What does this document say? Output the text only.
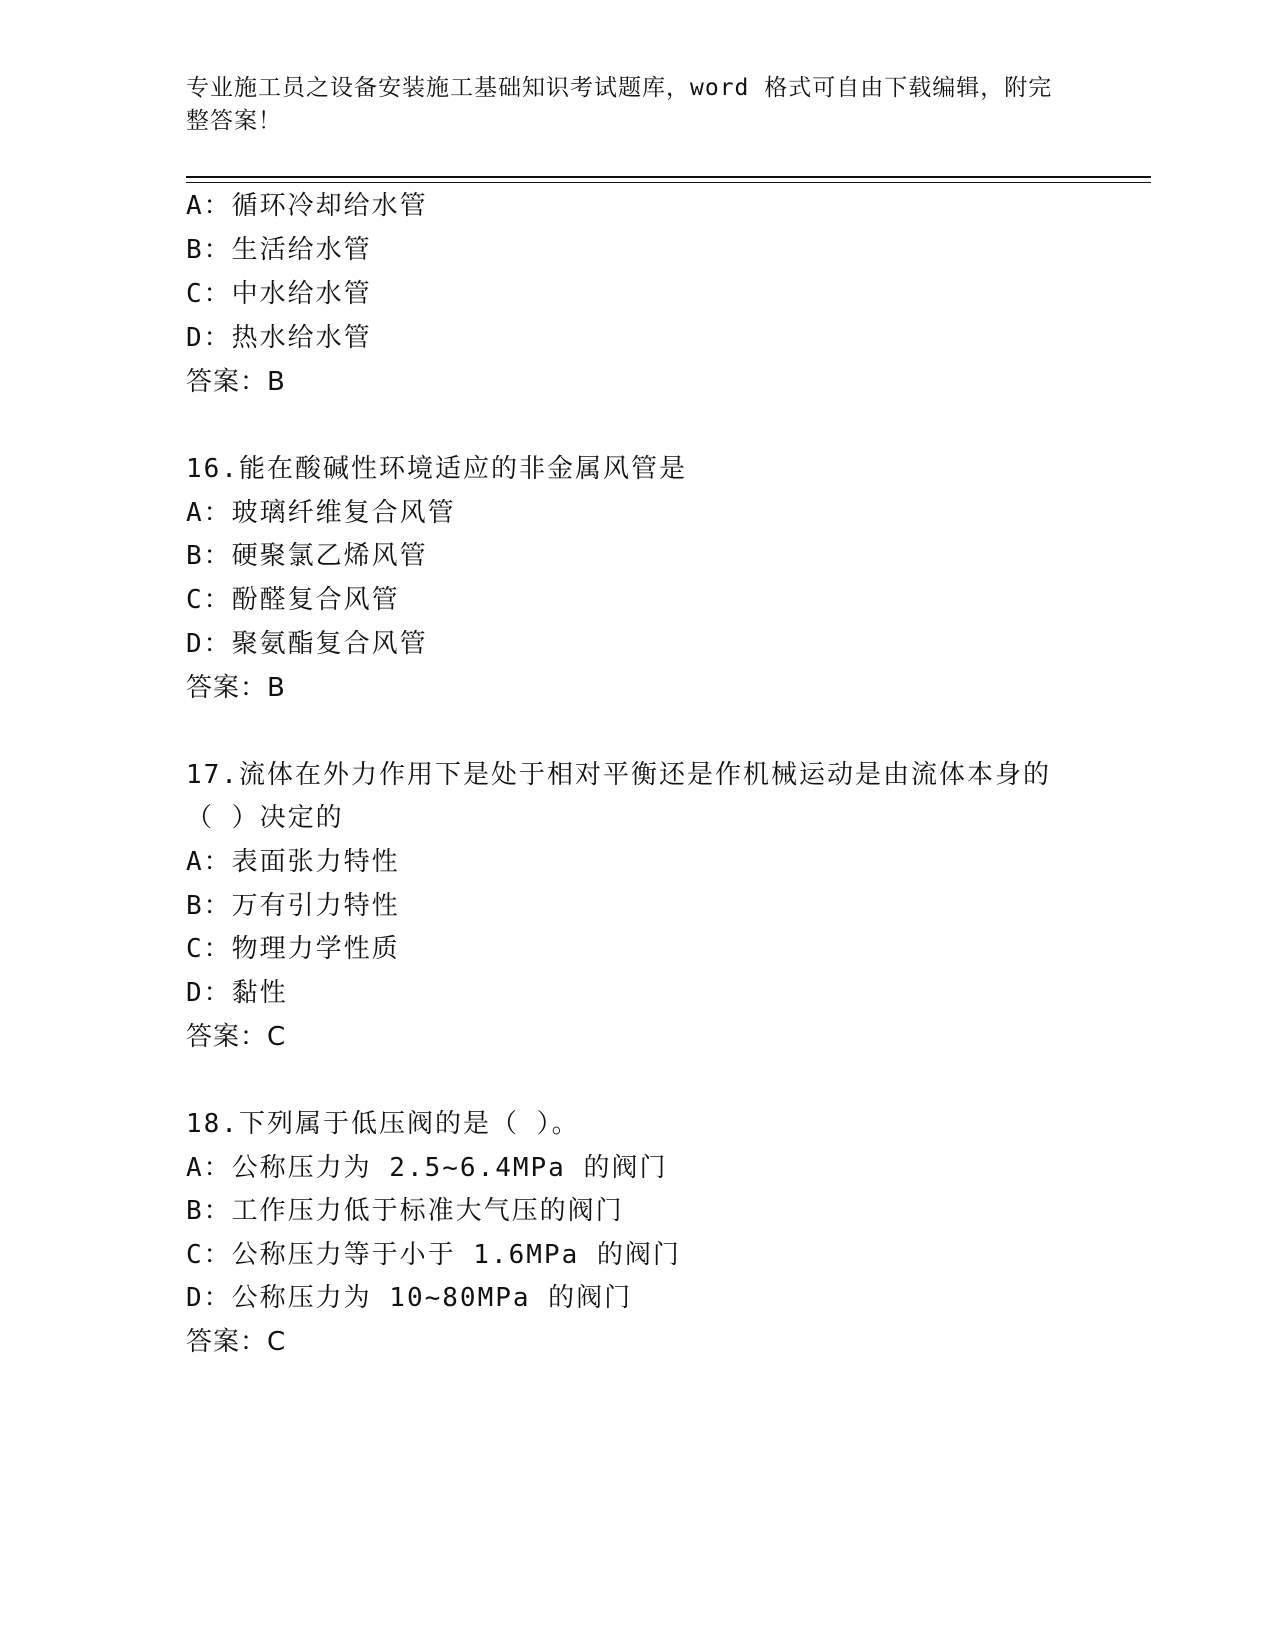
专业施工员之设备安装施工基础知识考试题库，word 格式可自由下载编辑，附完整答案！
A：循环冷却给水管
B：生活给水管
C：中水给水管
D：热水给水管
答案：B
16.能在酸碱性环境适应的非金属风管是
A：玻璃纤维复合风管
B：硬聚氯乙烯风管
C：酚醛复合风管
D：聚氨酯复合风管
答案：B
17.流体在外力作用下是处于相对平衡还是作机械运动是由流体本身的
（ ）决定的
A：表面张力特性
B：万有引力特性
C：物理力学性质
D：黏性
答案：C
18.下列属于低压阀的是（ ）。
A：公称压力为 2.5~6.4MPa 的阀门
B：工作压力低于标准大气压的阀门
C：公称压力等于小于 1.6MPa 的阀门
D：公称压力为 10~80MPa 的阀门
答案：C
